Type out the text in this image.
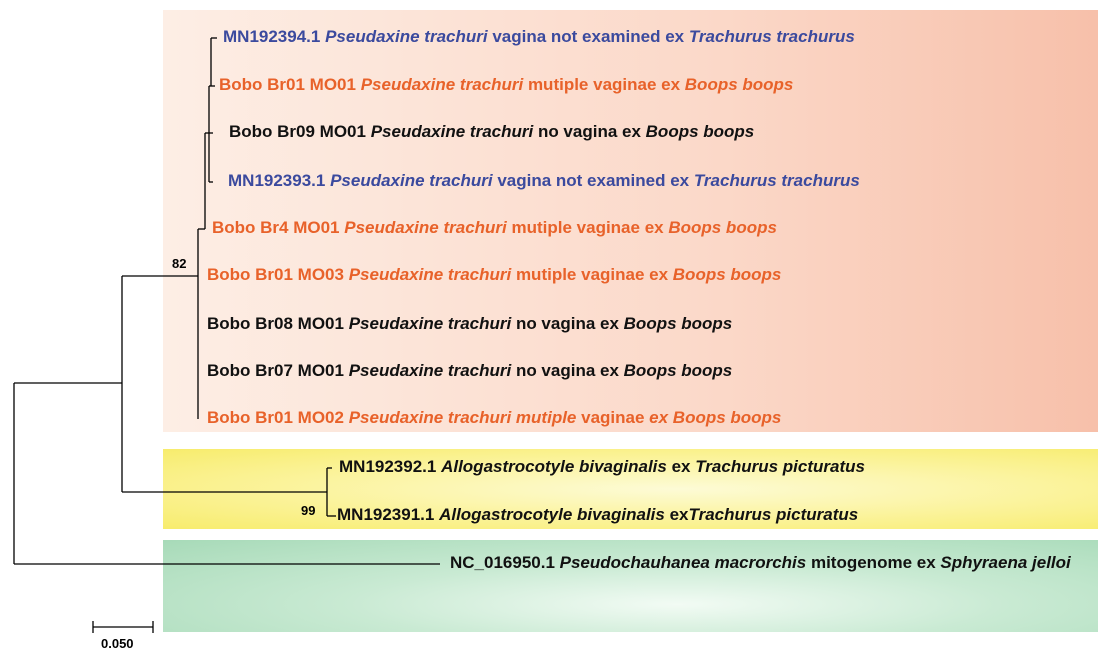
MN192394.1 Pseudaxine trachuri vagina not examined ex Trachurus trachurus
Bobo Br01 MO01 Pseudaxine trachuri mutiple vaginae ex Boops boops
Bobo Br09 MO01 Pseudaxine trachuri no vagina ex Boops boops
MN192393.1 Pseudaxine trachuri vagina not examined ex Trachurus trachurus
Bobo Br4 MO01 Pseudaxine trachuri mutiple vaginae ex Boops boops
Bobo Br01 MO03 Pseudaxine trachuri mutiple vaginae ex Boops boops
Bobo Br08 MO01 Pseudaxine trachuri no vagina ex Boops boops
Bobo Br07 MO01 Pseudaxine trachuri no vagina ex Boops boops
Bobo Br01 MO02 Pseudaxine trachuri mutiple vaginae ex Boops boops
MN192392.1 Allogastrocotyle bivaginalis ex Trachurus picturatus
MN192391.1 Allogastrocotyle bivaginalis exTrachurus picturatus
NC_016950.1 Pseudochauhanea macrorchis mitogenome ex Sphyraena jelloi
82
99
0.050
